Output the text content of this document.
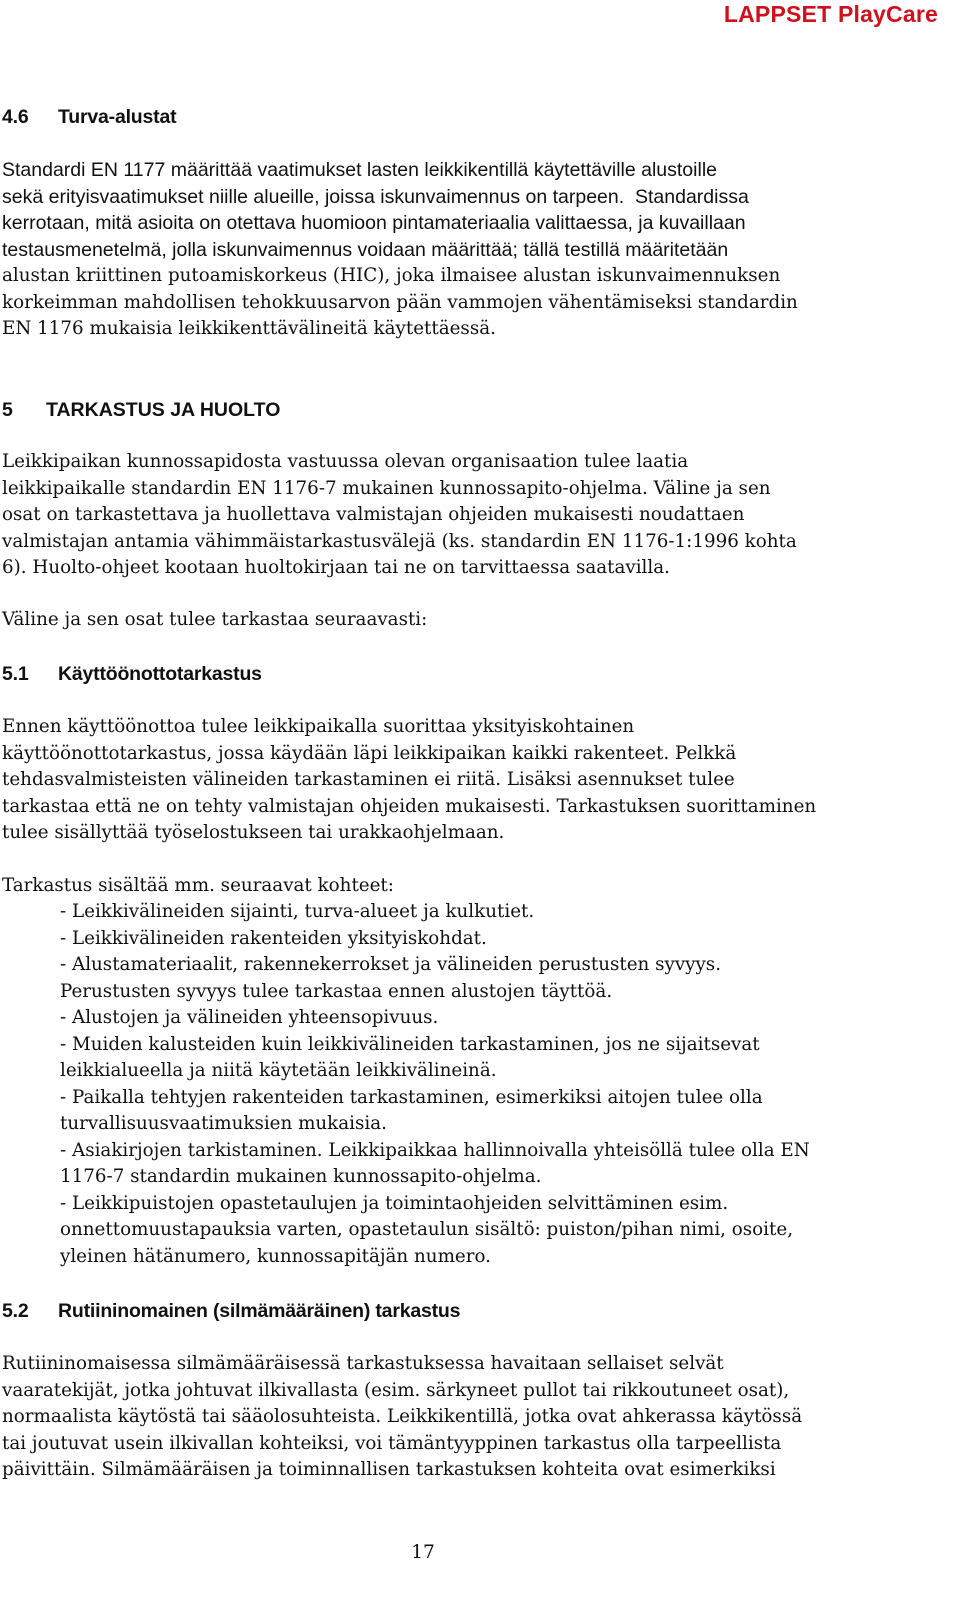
LAPPSET PlayCare
4.6 Turva-alustat
Standardi EN 1177 määrittää vaatimukset lasten leikkikentillä käytettäville alustoille
sekä erityisvaatimukset niille alueille, joissa iskunvaimennus on tarpeen. Standardissa
kerrotaan, mitä asioita on otettava huomioon pintamateriaalia valittaessa, ja kuvaillaan
testausmenetelmä, jolla iskunvaimennus voidaan määrittää; tällä testillä määritetään
alustan kriittinen putoamiskorkeus (HIC), joka ilmaisee alustan iskunvaimennuksen
korkeimman mahdollisen tehokkuusarvon pään vammojen vähentämiseksi standardin
EN 1176 mukaisia leikkikenttävälineitä käytettäessä.
5 TARKASTUS JA HUOLTO
Leikkipaikan kunnossapidosta vastuussa olevan organisaation tulee laatia
leikkipaikalle standardin EN 1176-7 mukainen kunnossapito-ohjelma. Väline ja sen
osat on tarkastettava ja huollettava valmistajan ohjeiden mukaisesti noudattaen
valmistajan antamia vähimmäistarkastusvälejä (ks. standardin EN 1176-1:1996 kohta
6). Huolto-ohjeet kootaan huoltokirjaan tai ne on tarvittaessa saatavilla.
Väline ja sen osat tulee tarkastaa seuraavasti:
5.1 Käyttöönottotarkastus
Ennen käyttöönottoa tulee leikkipaikalla suorittaa yksityiskohtainen
käyttöönottotarkastus, jossa käydään läpi leikkipaikan kaikki rakenteet. Pelkkä
tehdasvalmisteisten välineiden tarkastaminen ei riitä. Lisäksi asennukset tulee
tarkastaa että ne on tehty valmistajan ohjeiden mukaisesti. Tarkastuksen suorittaminen
tulee sisällyttää työselostukseen tai urakkaohjelmaan.
Tarkastus sisältää mm. seuraavat kohteet:
- Leikkivälineiden sijainti, turva-alueet ja kulkutiet.
- Leikkivälineiden rakenteiden yksityiskohdat.
- Alustamateriaalit, rakennekerrokset ja välineiden perustusten syvyys.
Perustusten syvyys tulee tarkastaa ennen alustojen täyttöä.
- Alustojen ja välineiden yhteensopivuus.
- Muiden kalusteiden kuin leikkivälineiden tarkastaminen, jos ne sijaitsevat
leikkialueella ja niitä käytetään leikkivälineinä.
- Paikalla tehtyjen rakenteiden tarkastaminen, esimerkiksi aitojen tulee olla
turvallisuusvaatimuksien mukaisia.
- Asiakirjojen tarkistaminen. Leikkipaikkaa hallinnoivalla yhteisöllä tulee olla EN
1176-7 standardin mukainen kunnossapito-ohjelma.
- Leikkipuistojen opastetaulujen ja toimintaohjeiden selvittäminen esim.
onnettomuustapauksia varten, opastetaulun sisältö: puiston/pihan nimi, osoite,
yleinen hätänumero, kunnossapitäjän numero.
5.2 Rutiininomainen (silmämääräinen) tarkastus
Rutiininomaisessa silmämääräisessä tarkastuksessa havaitaan sellaiset selvät
vaaratekijät, jotka johtuvat ilkivallasta (esim. särkyneet pullot tai rikkoutuneet osat),
normaalista käytöstä tai sääolosuhteista. Leikkikentillä, jotka ovat ahkerassa käytössä
tai joutuvat usein ilkivallan kohteiksi, voi tämäntyyppinen tarkastus olla tarpeellista
päivittäin. Silmämääräisen ja toiminnallisen tarkastuksen kohteita ovat esimerkiksi
17
